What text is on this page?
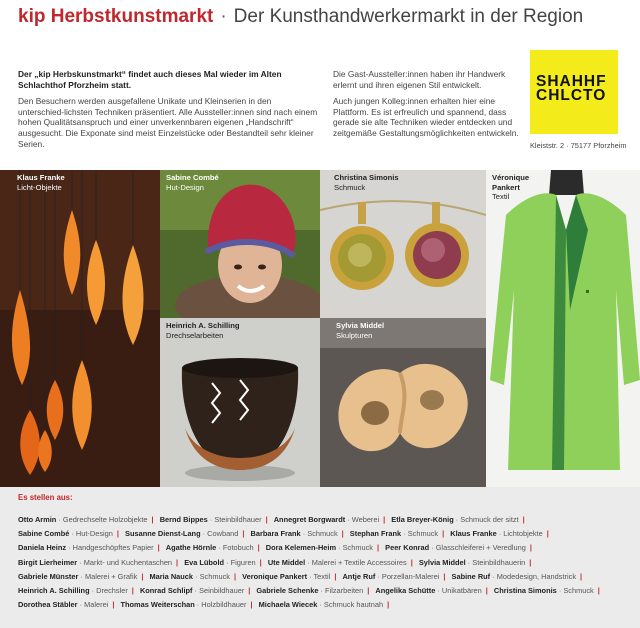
kip Herbstkunstmarkt · Der Kunsthandwerkermarkt in der Region

Der „kip Herbskunstmarkt“ findet auch dieses Mal wieder im Alten Schlachthof Pforzheim statt.

Den Besuchern werden ausgefallene Unikate und Kleinserien in den unterschied-lichsten Techniken präsentiert. Alle Aussteller:innen sind nach einem hohen Qualitätsanspruch und einer unverkennbaren eigenen „Handschrift“ ausgesucht. Die Exponate sind meist Einzelstücke oder Bestandteil sehr kleiner Serien.

Die Gast-Aussteller:innen haben ihr Handwerk erlernt und ihren eigenen Stil entwickelt.

Auch jungen Kolleg:innen erhalten hier eine Plattform. Es ist erfreulich und spannend, dass gerade sie alte Techniken wieder entdecken und zeitgemäße Gestaltungsmöglichkeiten entwickeln.

SHAHHF
CHLCTO
Kleiststr. 2 · 75177 Pforzheim
Klaus Franke
Licht-Objekte
Sabine Combé
Hut-Design
Christina Simonis
Schmuck
Véronique
Pankert
Textil
Heinrich A. Schilling
Drechselarbeiten
Sylvia Middel
Skulpturen
Es stellen aus:
Otto Armin · Gedrechselte Holzobjekte | Bernd Bippes · Steinbildhauer | Annegret Borgwardt · Weberei | Etla Breyer-König · Schmuck der sitzt | Sabine Combé · Hut-Design | Susanne Dienst-Lang · Cowband | Barbara Frank · Schmuck | Stephan Frank · Schmuck | Klaus Franke · Lichtobjekte | Daniela Heinz · Handgeschöpftes Papier | Agathe Hörnle · Fotobuch | Dora Kelemen-Heim · Schmuck | Peer Konrad · Glasschleiferei + Veredlung | Birgit Lierheimer · Markt- und Kuchentaschen | Eva Lübold · Figuren | Ute Middel · Malerei + Textile Accessoires | Sylvia Middel · Steinbildhauerin | Gabriele Münster · Malerei + Grafik | Maria Nauck · Schmuck | Veronique Pankert · Textil | Antje Ruf · Porzellan-Malerei | Sabine Ruf · Modedesign, Handstrick | Heinrich A. Schilling · Drechsler | Konrad Schlipf · Seinbildhauer | Gabriele Schenke · Filzarbeiten | Angelika Schütte · Unikatbären | Christina Simonis · Schmuck | Dorothea Stäbler · Malerei | Thomas Weiterschan · Holzbildhauer | Michaela Wiecek · Schmuck hautnah |
